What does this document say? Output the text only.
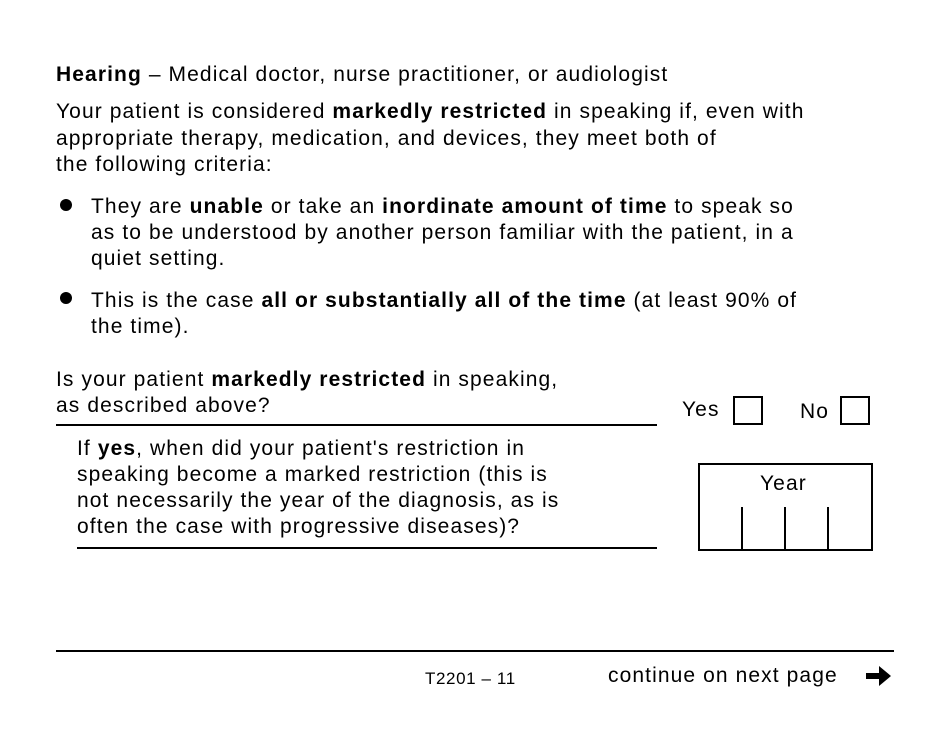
Hearing – Medical doctor, nurse practitioner, or audiologist
Your patient is considered markedly restricted in speaking if, even with
appropriate therapy, medication, and devices, they meet both of
the following criteria:
They are unable or take an inordinate amount of time to speak so
as to be understood by another person familiar with the patient, in a
quiet setting.
This is the case all or substantially all of the time (at least 90% of
the time).
Is your patient markedly restricted in speaking,
as described above?	Yes	No
If yes, when did your patient's restriction in
speaking become a marked restriction (this is
not necessarily the year of the diagnosis, as is
often the case with progressive diseases)?
Year
T2201 – 11	continue on next page
